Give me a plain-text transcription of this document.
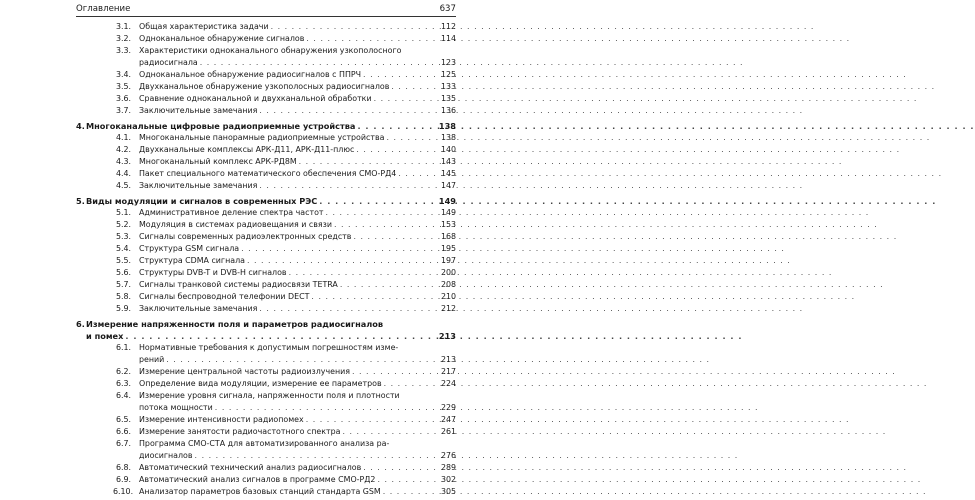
Оглавление	637
3.1.	Общая характеристика задачи . . .	112
3.2.	Одноканальное обнаружение сигналов . . .	114
3.3.	Характеристики одноканального обнаружения узкополосного
радиосигнала . . .	123
3.4.	Одноканальное обнаружение радиосигналов с ППРЧ . . .	125
3.5.	Двухканальное обнаружение узкополосных радиосигналов . . .	133
3.6.	Сравнение одноканальной и двухканальной обработки . . .	135
3.7.	Заключительные замечания . . .	136
4. Многоканальные цифровые радиоприемные устройства . . .	138
4.1.	Многоканальные панорамные радиоприемные устройства . . .	138
4.2.	Двухканальные комплексы АРК-Д11, АРК-Д11-плюс . . .	140
4.3.	Многоканальный комплекс АРК-РД8М . . .	143
4.4.	Пакет специального математического обеспечения СМО-РД4 . . .	145
4.5.	Заключительные замечания . . .	147
5. Виды модуляции и сигналов в современных РЭС . . .	149
5.1.	Административное деление спектра частот . . .	149
5.2.	Модуляция в системах радиовещания и связи . . .	153
5.3.	Сигналы современных радиоэлектронных средств . . .	168
5.4.	Структура GSM сигнала . . .	195
5.5.	Структура CDMA сигнала . . .	197
5.6.	Структуры DVB-T и DVB-H сигналов . . .	200
5.7.	Сигналы транковой системы радиосвязи TETRA . . .	208
5.8.	Сигналы беспроводной телефонии DECT . . .	210
5.9.	Заключительные замечания . . .	212
6. Измерение напряженности поля и параметров радиосигналов
и помех . . .	213
6.1.	Нормативные требования к допустимым погрешностям изме-
рений . . .	213
6.2.	Измерение центральной частоты радиоизлучения . . .	217
6.3.	Определение вида модуляции, измерение ее параметров . . .	224
6.4.	Измерение уровня сигнала, напряженности поля и плотности
потока мощности . . .	229
6.5.	Измерение интенсивности радиопомех . . .	247
6.6.	Измерение занятости радиочастотного спектра . . .	261
6.7.	Программа СМО-СТА для автоматизированного анализа ра-
диосигналов . . .	276
6.8.	Автоматический технический анализ радиосигналов . . .	289
6.9.	Автоматический анализ сигналов в программе СМО-РД2 . . .	302
6.10. Анализатор параметров базовых станций стандарта GSM . . .	305
